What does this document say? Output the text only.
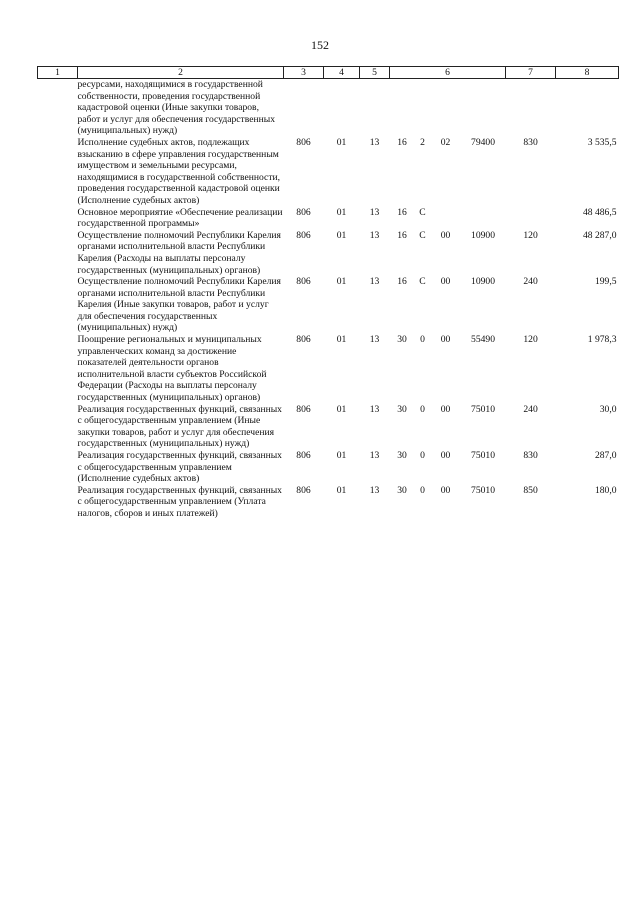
152
1	2	3	4	5	6				7	8
	ресурсами, находящимися в государственной собственности, проведения государственной кадастровой оценки (Иные закупки товаров, работ и услуг для обеспечения государственных (муниципальных) нужд)									
	Исполнение судебных актов, подлежащих взысканию в сфере управления государственным имуществом и земельными ресурсами, находящимися в государственной собственности, проведения государственной кадастровой оценки (Исполнение судебных актов)	806	01	13	16	2	02	79400	830	3 535,5
	Основное мероприятие «Обеспечение реализации государственной программы»	806	01	13	16	С				48 486,5
	Осуществление полномочий Республики Карелия органами исполнительной власти Республики Карелия (Расходы на выплаты персоналу государственных (муниципальных) органов)	806	01	13	16	С	00	10900	120	48 287,0
	Осуществление полномочий Республики Карелия органами исполнительной власти Республики Карелия (Иные закупки товаров, работ и услуг для обеспечения государственных (муниципальных) нужд)	806	01	13	16	С	00	10900	240	199,5
	Поощрение региональных и муниципальных управленческих команд за достижение показателей деятельности органов исполнительной власти субъектов Российской Федерации (Расходы на выплаты персоналу государственных (муниципальных) органов)	806	01	13	30	0	00	55490	120	1 978,3
	Реализация государственных функций, связанных с общегосударственным управлением (Иные закупки товаров, работ и услуг для обеспечения государственных (муниципальных) нужд)	806	01	13	30	0	00	75010	240	30,0
	Реализация государственных функций, связанных с общегосударственным управлением (Исполнение судебных актов)	806	01	13	30	0	00	75010	830	287,0
	Реализация государственных функций, связанных с общегосударственным управлением (Уплата налогов, сборов и иных платежей)	806	01	13	30	0	00	75010	850	180,0
